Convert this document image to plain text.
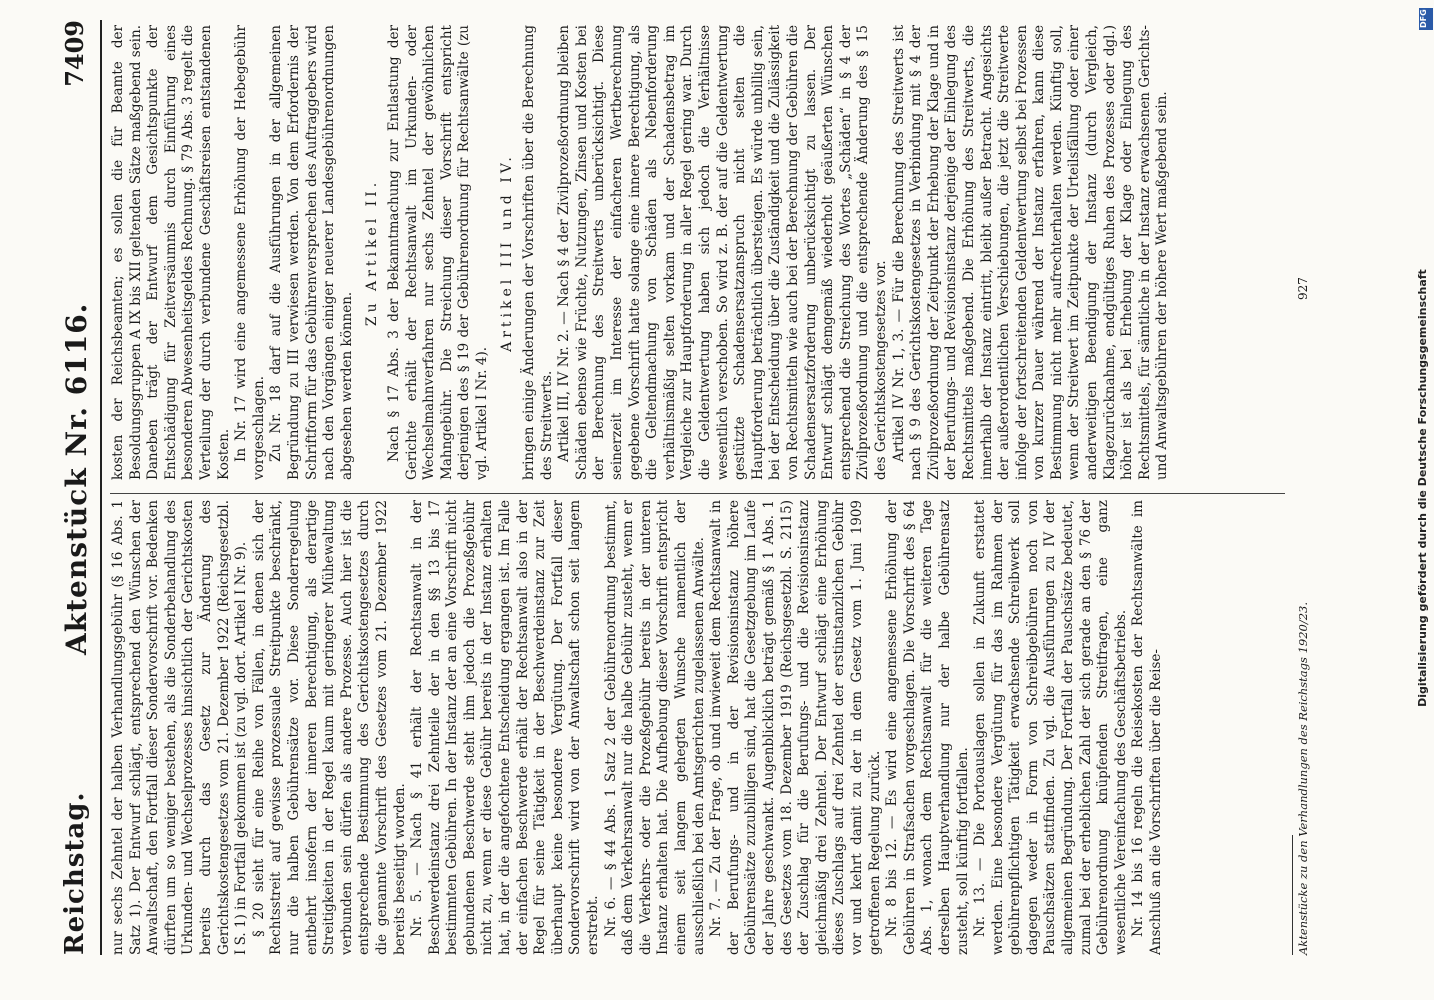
Reichstag.
Aktenstück Nr. 6116.
7409

nur sechs Zehntel der halben Verhandlungsgebühr (§ 16 Abs. 1 Satz 1). Der Entwurf schlägt, entsprechend den Wünschen der Anwaltschaft, den Fortfall dieser Sondervorschrift vor. Bedenken dürften um so weniger bestehen, als die Sonderbehandlung des Urkunden- und Wechselprozesses hinsichtlich der Gerichtskosten bereits durch das Gesetz zur Änderung des Gerichtskostengesetzes vom 21. Dezember 1922 (Reichsgesetzbl. I S. 1) in Fortfall gekommen ist (zu vgl. dort. Artikel I Nr. 9). § 20 sieht für eine Reihe von Fällen, in denen sich der Rechtsstreit auf gewisse prozessuale Streitpunkte beschränkt, nur die halben Gebührensätze vor. Diese Sonderregelung entbehrt insofern der inneren Berechtigung, als derartige Streitigkeiten in der Regel kaum mit geringerer Mühewaltung verbunden sein dürfen als andere Prozesse. Auch hier ist die entsprechende Bestimmung des Gerichtskostengesetzes durch die genannte Vorschrift des Gesetzes vom 21. Dezember 1922 bereits beseitigt worden. Nr. 5. — Nach § 41 erhält der Rechtsanwalt in der Beschwerdeinstanz drei Zehnteile der in den §§ 13 bis 17 bestimmten Gebühren. In der Instanz der an eine Vorschrift nicht gebundenen Beschwerde steht ihm jedoch die Prozeßgebühr nicht zu, wenn er diese Gebühr bereits in der Instanz erhalten hat, in der die angefochtene Entscheidung ergangen ist. Im Falle der einfachen Beschwerde erhält der Rechtsanwalt also in der Regel für seine Tätigkeit in der Beschwerdeinstanz zur Zeit überhaupt keine besondere Vergütung. Der Fortfall dieser Sondervorschrift wird von der Anwaltschaft schon seit langem erstrebt. Nr. 6. — § 44 Abs. 1 Satz 2 der Gebührenordnung bestimmt, daß dem Verkehrsanwalt nur die halbe Gebühr zusteht, wenn er die Verkehrs- oder die Prozeßgebühr bereits in der unteren Instanz erhalten hat. Die Aufhebung dieser Vorschrift entspricht einem seit langem gehegten Wunsche namentlich der ausschließlich bei den Amtsgerichten zugelassenen Anwälte. Nr. 7. — Zu der Frage, ob und inwieweit dem Rechtsanwalt in der Berufungs- und in der Revisionsinstanz höhere Gebührensätze zuzubilligen sind, hat die Gesetzgebung im Laufe der Jahre geschwankt. Augenblicklich beträgt gemäß § 1 Abs. 1 des Gesetzes vom 18. Dezember 1919 (Reichsgesetzbl. S. 2115) der Zuschlag für die Berufungs- und die Revisionsinstanz gleichmäßig drei Zehntel. Der Entwurf schlägt eine Erhöhung dieses Zuschlags auf drei Zehntel der erstinstanzlichen Gebühr vor und kehrt damit zu der in dem Gesetz vom 1. Juni 1909 getroffenen Regelung zurück. Nr. 8 bis 12. — Es wird eine angemessene Erhöhung der Gebühren in Strafsachen vorgeschlagen. Die Vorschrift des § 64 Abs. 1, wonach dem Rechtsanwalt für die weiteren Tage derselben Hauptverhandlung nur der halbe Gebührensatz zusteht, soll künftig fortfallen. Nr. 13. — Die Portoauslagen sollen in Zukunft erstattet werden. Eine besondere Vergütung für das im Rahmen der gebührenpflichtigen Tätigkeit erwachsende Schreibwerk soll dagegen weder in Form von Schreibgebühren noch von Pauschsätzen stattfinden. Zu vgl. die Ausführungen zu IV der allgemeinen Begründung. Der Fortfall der Pauschsätze bedeutet, zumal bei der erheblichen Zahl der sich gerade an den § 76 der Gebührenordnung knüpfenden Streitfragen, eine ganz wesentliche Vereinfachung des Geschäftsbetriebs. Nr. 14 bis 16 regeln die Reisekosten der Rechtsanwälte im Anschluß an die Vorschriften über die Reise-

kosten der Reichsbeamten; es sollen die für Beamte der Besoldungsgruppen A IX bis XII geltenden Sätze maßgebend sein. Daneben trägt der Entwurf dem Gesichtspunkte der Entschädigung für Zeitversäumnis durch Einführung eines besonderen Abwesenheitsgeldes Rechnung. § 79 Abs. 3 regelt die Verteilung der durch verbundene Geschäftsreisen entstandenen Kosten. In Nr. 17 wird eine angemessene Erhöhung der Hebegebühr vorgeschlagen. Zu Nr. 18 darf auf die Ausführungen in der allgemeinen Begründung zu III verwiesen werden. Von dem Erfordernis der Schriftform für das Gebührenversprechen des Auftraggebers wird nach den Vorgängen einiger neuerer Landesgebührenordnungen abgesehen werden können.

Zu Artikel II. Nach § 17 Abs. 3 der Bekanntmachung zur Entlastung der Gerichte erhält der Rechtsanwalt im Urkunden- oder Wechselmahnverfahren nur sechs Zehntel der gewöhnlichen Mahngebühr. Die Streichung dieser Vorschrift entspricht derjenigen des § 19 der Gebührenordnung für Rechtsanwälte (zu vgl. Artikel I Nr. 4).

Artikel III und IV. bringen einige Änderungen der Vorschriften über die Berechnung des Streitwerts. Artikel III, IV Nr. 2. — Nach § 4 der Zivilprozeßordnung bleiben Schäden ebenso wie Früchte, Nutzungen, Zinsen und Kosten bei der Berechnung des Streitwerts unberücksichtigt. Diese seinerzeit im Interesse der einfacheren Wertberechnung gegebene Vorschrift hatte solange eine innere Berechtigung, als die Geltendmachung von Schäden als Nebenforderung verhältnismäßig selten vorkam und der Schadensbetrag im Vergleiche zur Hauptforderung in aller Regel gering war. Durch die Geldentwertung haben sich jedoch die Verhältnisse wesentlich verschoben. So wird z. B. der auf die Geldentwertung gestützte Schadensersatzanspruch nicht selten die Hauptforderung beträchtlich übersteigen. Es würde unbillig sein, bei der Entscheidung über die Zuständigkeit und die Zulässigkeit von Rechtsmitteln wie auch bei der Berechnung der Gebühren die Schadensersatzforderung unberücksichtigt zu lassen. Der Entwurf schlägt demgemäß wiederholt geäußerten Wünschen entsprechend die Streichung des Wortes „Schäden“ in § 4 der Zivilprozeßordnung und die entsprechende Änderung des § 15 des Gerichtskostengesetzes vor. Artikel IV Nr. 1, 3. — Für die Berechnung des Streitwerts ist nach § 9 des Gerichtskostengesetzes in Verbindung mit § 4 der Zivilprozeßordnung der Zeitpunkt der Erhebung der Klage und in der Berufungs- und Revisionsinstanz derjenige der Einlegung des Rechtsmittels maßgebend. Die Erhöhung des Streitwerts, die innerhalb der Instanz eintritt, bleibt außer Betracht. Angesichts der außerordentlichen Verschiebungen, die jetzt die Streitwerte infolge der fortschreitenden Geldentwertung selbst bei Prozessen von kurzer Dauer während der Instanz erfahren, kann diese Bestimmung nicht mehr aufrechterhalten werden. Künftig soll, wenn der Streitwert im Zeitpunkte der Urteilsfällung oder einer anderweitigen Beendigung der Instanz (durch Vergleich, Klagezurücknahme, endgültiges Ruhen des Prozesses oder dgl.) höher ist als bei Erhebung der Klage oder Einlegung des Rechtsmittels, für sämtliche in der Instanz erwachsenen Gerichts- und Anwaltsgebühren der höhere Wert maßgebend sein.

Aktenstücke zu den Verhandlungen des Reichstags 1920/23.
927
DFG
Digitalisierung gefördert durch die Deutsche Forschungsgemeinschaft
